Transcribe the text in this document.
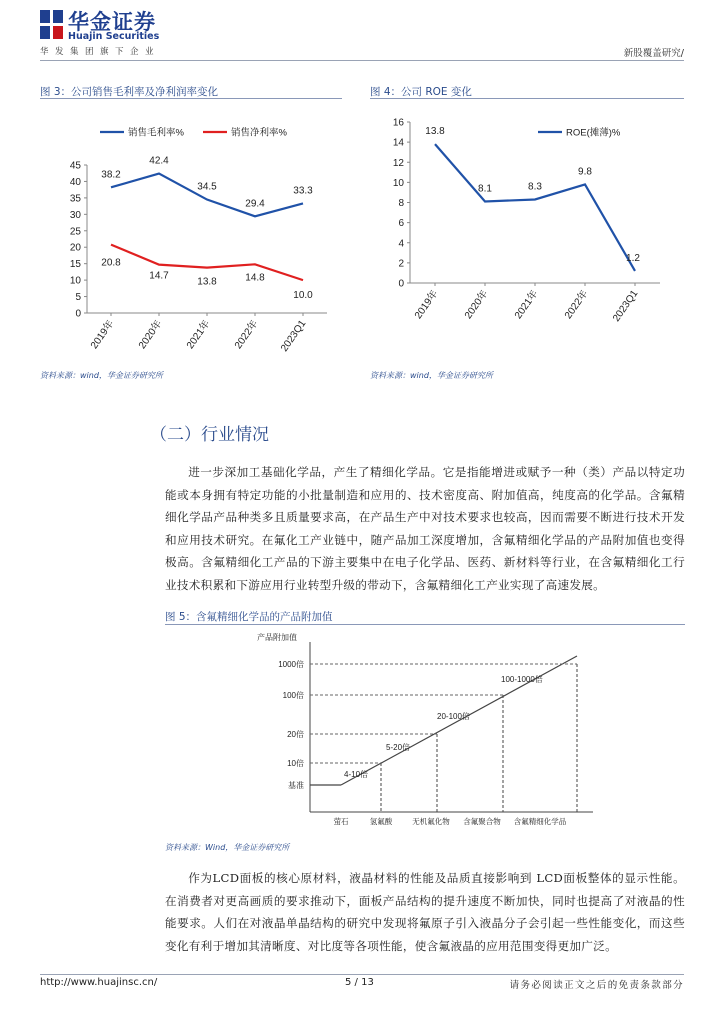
华金证券
Huajin Securities
华发集团旗下企业	新股覆盖研究/
图 3：公司销售毛利率及净利润率变化
0
5
10
15
20
25
30
35
40
45
2019年 2020年 2021年 2022年 2023Q1
38.2
42.4
34.5
29.4
33.3
销售毛利率%
20.8
14.7
13.8	14.8
10.0
销售净利率%
资料来源：wind，华金证券研究所
图 4：公司 ROE 变化
0
2
4
6
8
10
12
14
16
2019年 2020年 2021年 2022年 2023Q1
13.8
8.1	8.3
9.8
1.2
ROE(摊薄)%
资料来源：wind，华金证券研究所
（二）行业情况

进一步深加工基础化学品，产生了精细化学品。它是指能增进或赋予一种（类）产品以特定功能或本身拥有特定功能的小批量制造和应用的、技术密度高、附加值高，纯度高的化学品。含氟精细化学品产品种类多且质量要求高，在产品生产中对技术要求也较高，因而需要不断进行技术开发和应用技术研究。在氟化工产业链中，随产品加工深度增加，含氟精细化学品的产品附加值也变得极高。含氟精细化工产品的下游主要集中在电子化学品、医药、新材料等行业，在含氟精细化工行业技术积累和下游应用行业转型升级的带动下，含氟精细化工产业实现了高速发展。

图 5：含氟精细化学品的产品附加值
产品附加值
基准
10倍
20倍
100倍
1000倍
萤石	氢氟酸	无机氟化物 含氟聚合物 含氟精细化学品
4-10倍
5-20倍
20-100倍
100-1000倍
资料来源：Wind，华金证券研究所

作为LCD面板的核心原材料，液晶材料的性能及品质直接影响到 LCD面板整体的显示性能。在消费者对更高画质的要求推动下，面板产品结构的提升速度不断加快，同时也提高了对液晶的性能要求。人们在对液晶单晶结构的研究中发现将氟原子引入液晶分子会引起一些性能变化，而这些变化有利于增加其清晰度、对比度等各项性能，使含氟液晶的应用范围变得更加广泛。

http://www.huajinsc.cn/	5 / 13	请务必阅读正文之后的免责条款部分
